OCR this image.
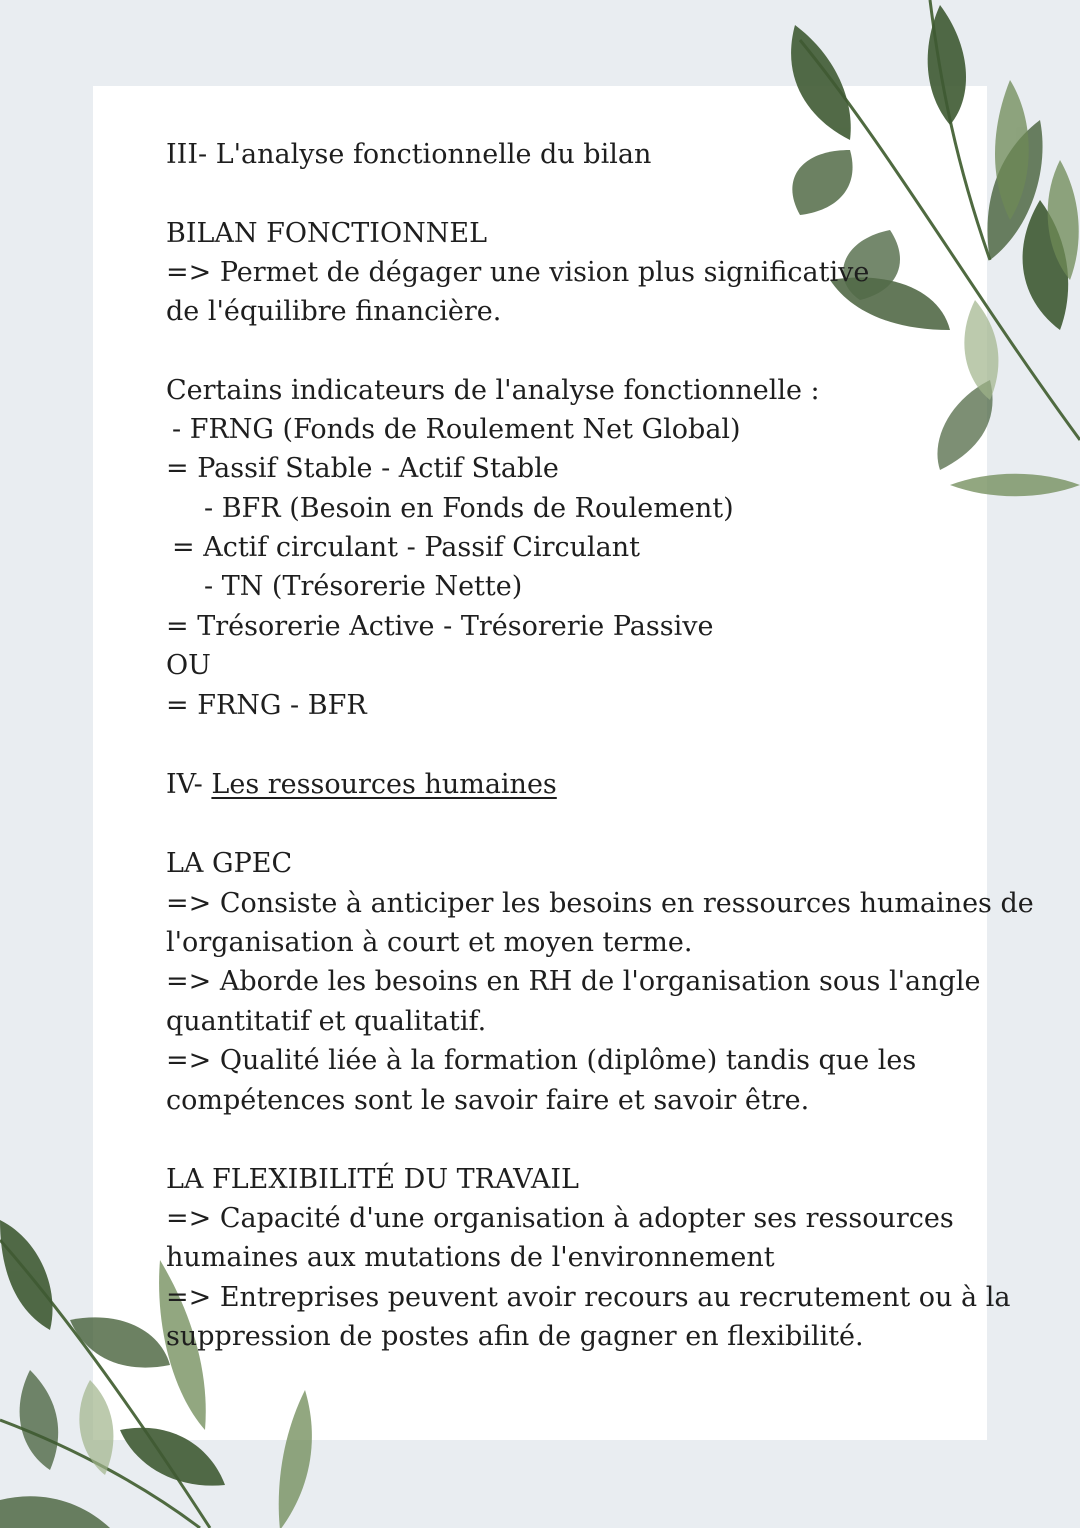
III- L'analyse fonctionnelle du bilan
BILAN FONCTIONNEL
=> Permet de dégager une vision plus significative
de l'équilibre financière.
Certains indicateurs de l'analyse fonctionnelle :
- FRNG (Fonds de Roulement Net Global)
= Passif Stable - Actif Stable
- BFR (Besoin en Fonds de Roulement)
= Actif circulant - Passif Circulant
- TN (Trésorerie Nette)
= Trésorerie Active - Trésorerie Passive
OU
= FRNG - BFR
IV- Les ressources humaines
LA GPEC
=> Consiste à anticiper les besoins en ressources humaines de
l'organisation à court et moyen terme.
=> Aborde les besoins en RH de l'organisation sous l'angle
quantitatif et qualitatif.
=> Qualité liée à la formation (diplôme) tandis que les
compétences sont le savoir faire et savoir être.
LA FLEXIBILITÉ DU TRAVAIL
=> Capacité d'une organisation à adopter ses ressources
humaines aux mutations de l'environnement
=> Entreprises peuvent avoir recours au recrutement ou à la
suppression de postes afin de gagner en flexibilité.
